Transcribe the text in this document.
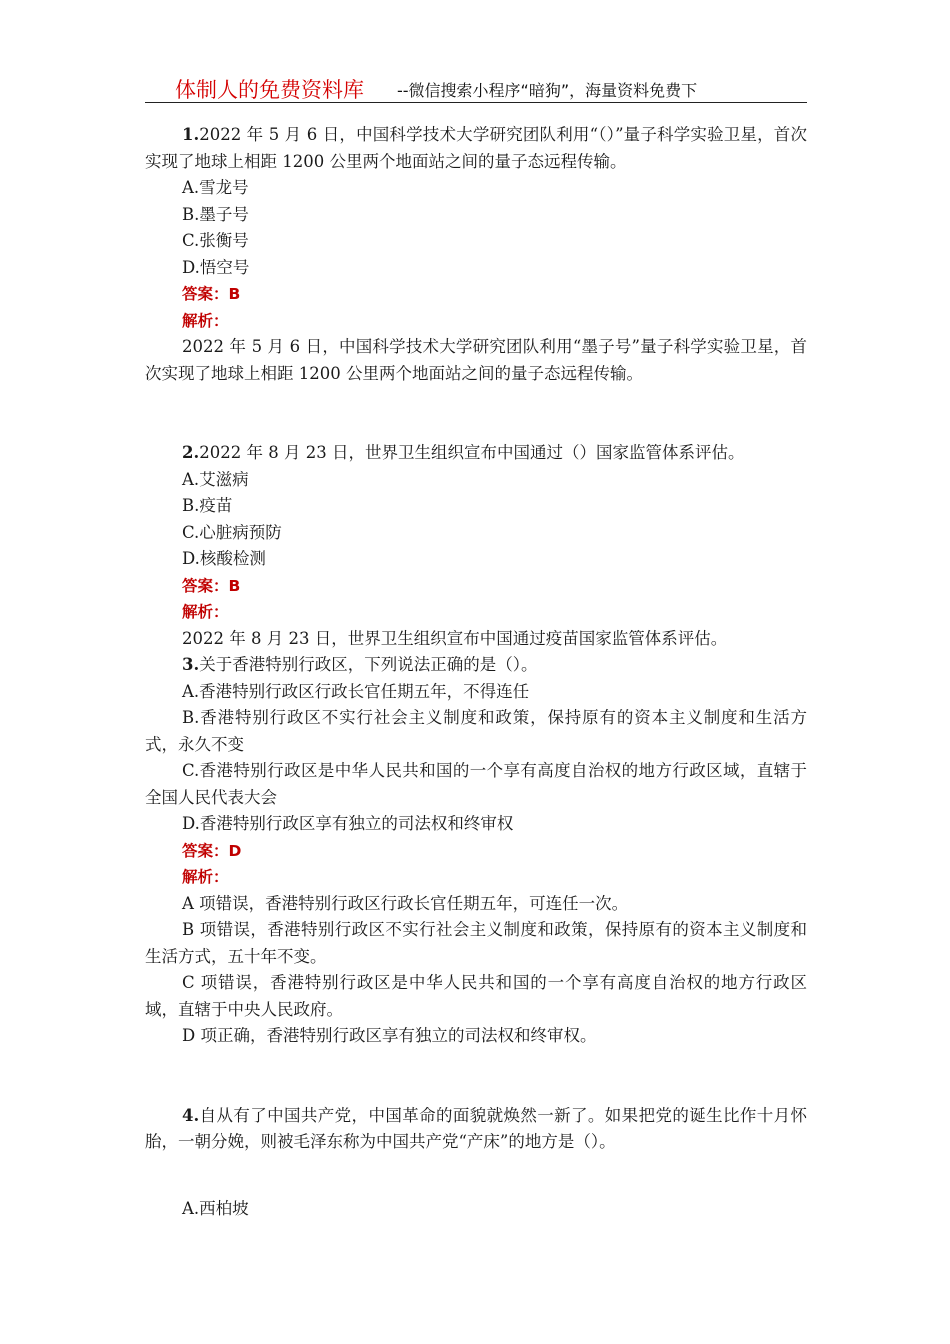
体制人的免费资料库 --微信搜索小程序“暗狗”，海量资料免费下

1.2022 年 5 月 6 日，中国科学技术大学研究团队利用“（）”量子科学实验卫星，首次实现了地球上相距 1200 公里两个地面站之间的量子态远程传输。

A.雪龙号

B.墨子号

C.张衡号

D.悟空号

答案：B

解析：

2022 年 5 月 6 日，中国科学技术大学研究团队利用“墨子号”量子科学实验卫星，首次实现了地球上相距 1200 公里两个地面站之间的量子态远程传输。

2.2022 年 8 月 23 日，世界卫生组织宣布中国通过（）国家监管体系评估。

A.艾滋病

B.疫苗

C.心脏病预防

D.核酸检测

答案：B

解析：

2022 年 8 月 23 日，世界卫生组织宣布中国通过疫苗国家监管体系评估。

3.关于香港特别行政区，下列说法正确的是（）。

A.香港特别行政区行政长官任期五年，不得连任

B.香港特别行政区不实行社会主义制度和政策，保持原有的资本主义制度和生活方式，永久不变

C.香港特别行政区是中华人民共和国的一个享有高度自治权的地方行政区域，直辖于全国人民代表大会

D.香港特别行政区享有独立的司法权和终审权

答案：D

解析：

A 项错误，香港特别行政区行政长官任期五年，可连任一次。

B 项错误，香港特别行政区不实行社会主义制度和政策，保持原有的资本主义制度和生活方式，五十年不变。

C 项错误，香港特别行政区是中华人民共和国的一个享有高度自治权的地方行政区域，直辖于中央人民政府。

D 项正确，香港特别行政区享有独立的司法权和终审权。

4.自从有了中国共产党，中国革命的面貌就焕然一新了。如果把党的诞生比作十月怀胎，一朝分娩，则被毛泽东称为中国共产党“产床”的地方是（）。

A.西柏坡
